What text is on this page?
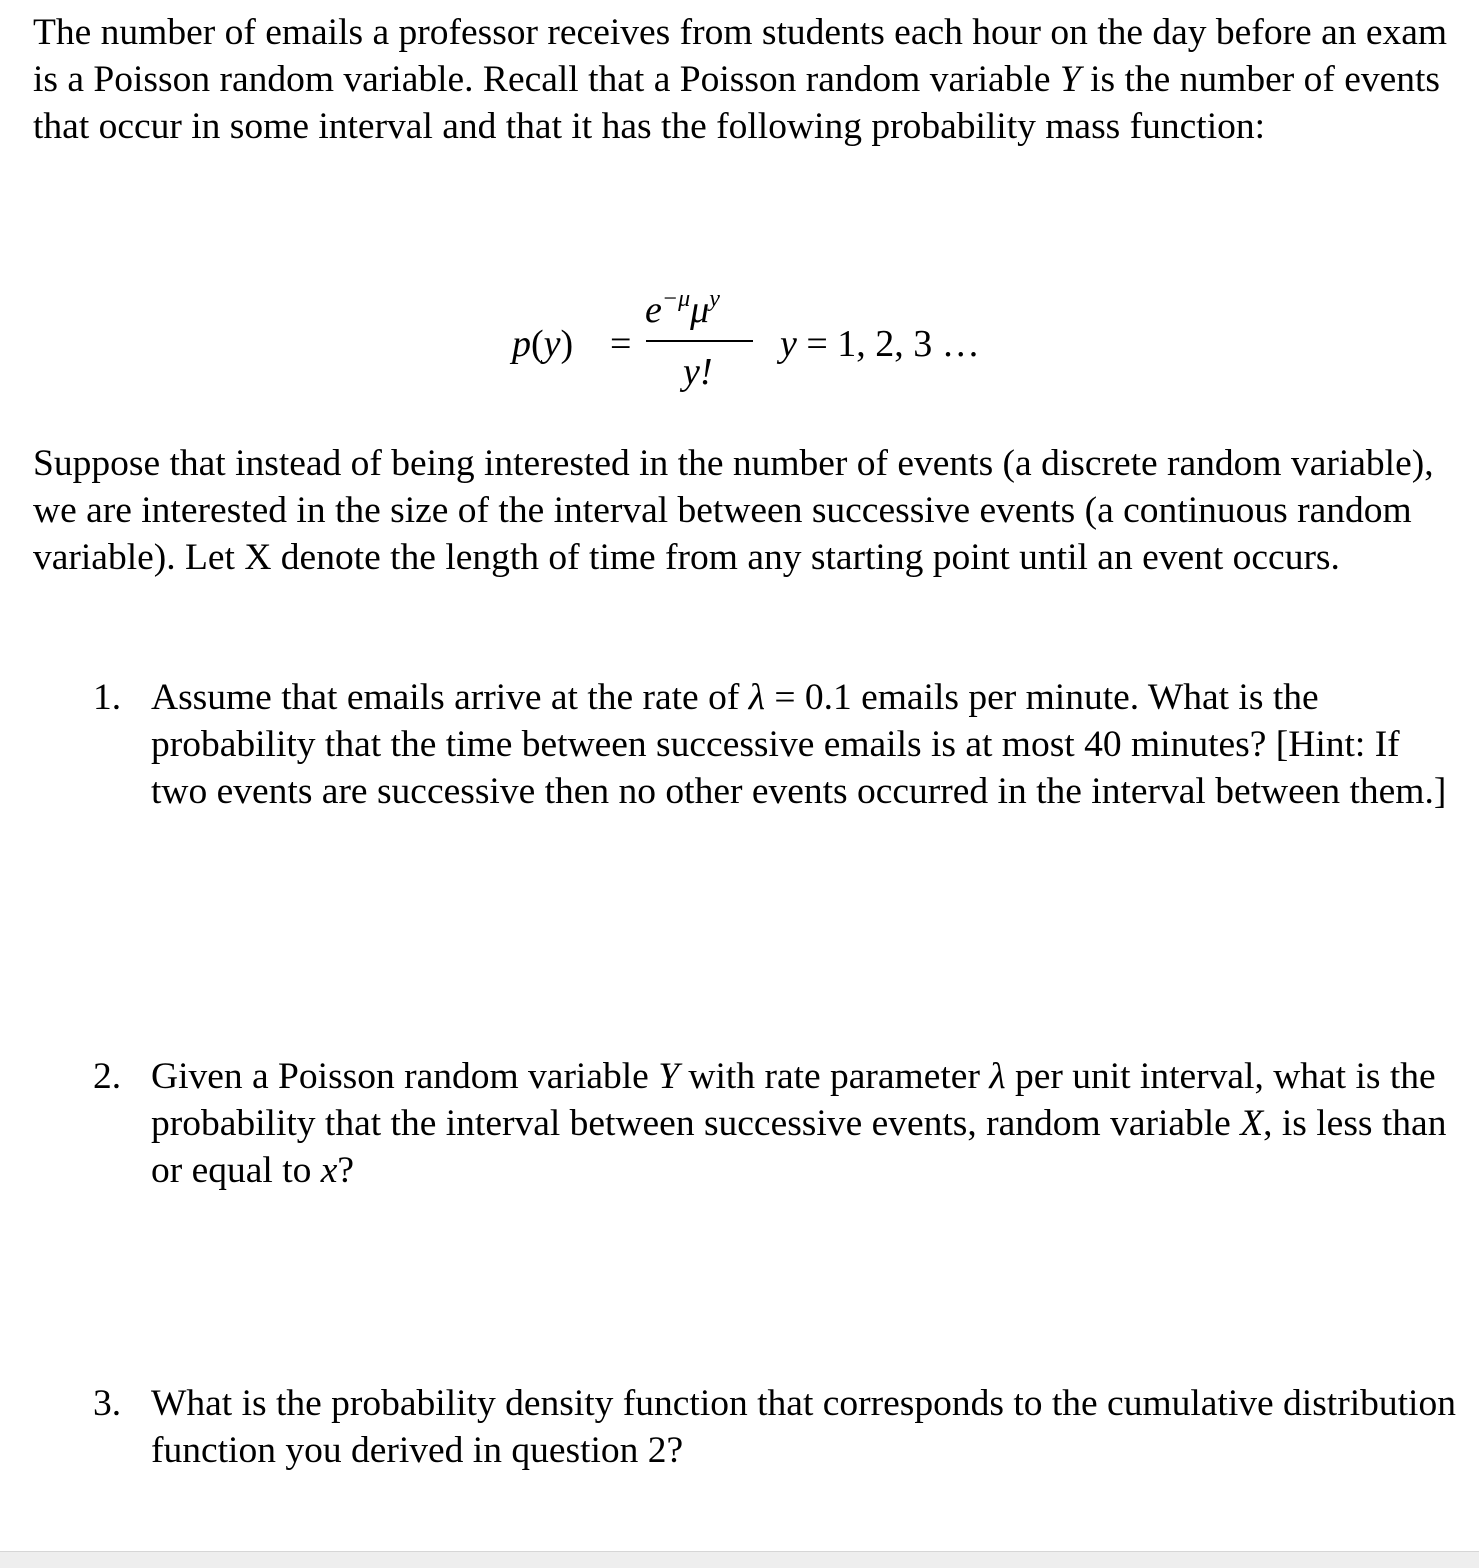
The number of emails a professor receives from students each hour on the day before an exam is a Poisson random variable. Recall that a Poisson random variable Y is the number of events that occur in some interval and that it has the following probability mass function:

p(y) =
$e^{-\mu}\mu^y$
y!
y = 1, 2, 3 …

Suppose that instead of being interested in the number of events (a discrete random variable), we are interested in the size of the interval between successive events (a continuous random variable). Let X denote the length of time from any starting point until an event occurs.

1. Assume that emails arrive at the rate of λ = 0.1 emails per minute. What is the probability that the time between successive emails is at most 40 minutes? [Hint: If two events are successive then no other events occurred in the interval between them.]

2. Given a Poisson random variable Y with rate parameter λ per unit interval, what is the probability that the interval between successive events, random variable X, is less than or equal to x?

3. What is the probability density function that corresponds to the cumulative distribution function you derived in question 2?
